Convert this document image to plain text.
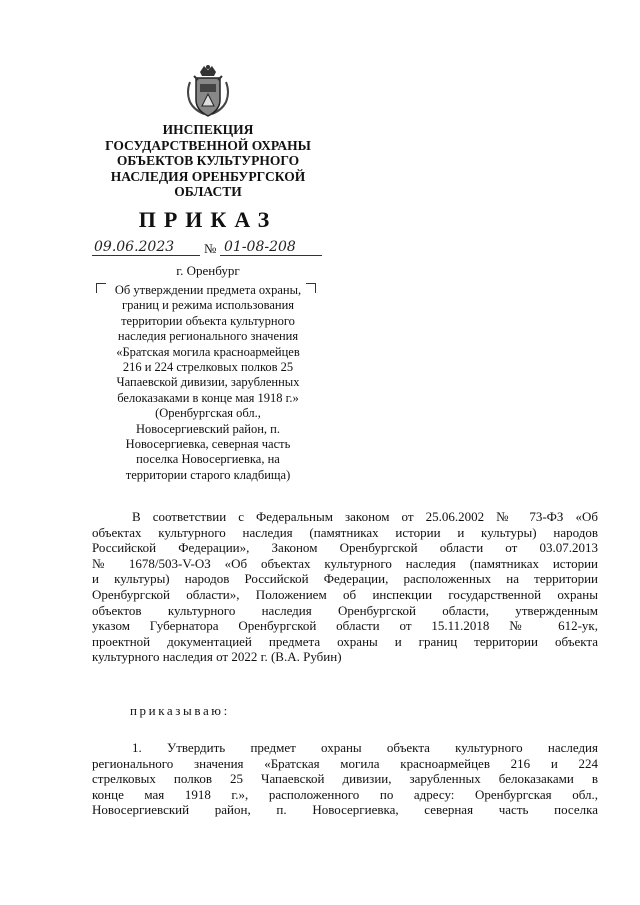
ИНСПЕКЦИЯ
ГОСУДАРСТВЕННОЙ ОХРАНЫ
ОБЪЕКТОВ КУЛЬТУРНОГО
НАСЛЕДИЯ ОРЕНБУРГСКОЙ
ОБЛАСТИ
ПРИКАЗ
09.06.2023 № 01-08-208
г. Оренбург
Об утверждении предмета охраны,
границ и режима использования
территории объекта культурного
наследия регионального значения
«Братская могила красноармейцев
216 и 224 стрелковых полков 25
Чапаевской дивизии, зарубленных
белоказаками в конце мая 1918 г.»
(Оренбургская обл.,
Новосергиевский район, п.
Новосергиевка, северная часть
поселка Новосергиевка, на
территории старого кладбища)
В соответствии с Федеральным законом от 25.06.2002 № 73-ФЗ «Об
объектах культурного наследия (памятниках истории и культуры) народов
Российской Федерации», Законом Оренбургской области от 03.07.2013
№ 1678/503-V-ОЗ «Об объектах культурного наследия (памятниках истории
и культуры) народов Российской Федерации, расположенных на территории
Оренбургской области», Положением об инспекции государственной охраны
объектов культурного наследия Оренбургской области, утвержденным
указом Губернатора Оренбургской области от 15.11.2018 № 612-ук,
проектной документацией предмета охраны и границ территории объекта
культурного наследия от 2022 г. (В.А. Рубин)
приказываю:
1. Утвердить предмет охраны объекта культурного наследия
регионального значения «Братская могила красноармейцев 216 и 224
стрелковых полков 25 Чапаевской дивизии, зарубленных белоказаками в
конце мая 1918 г.», расположенного по адресу: Оренбургская обл.,
Новосергиевский район, п. Новосергиевка, северная часть поселка
